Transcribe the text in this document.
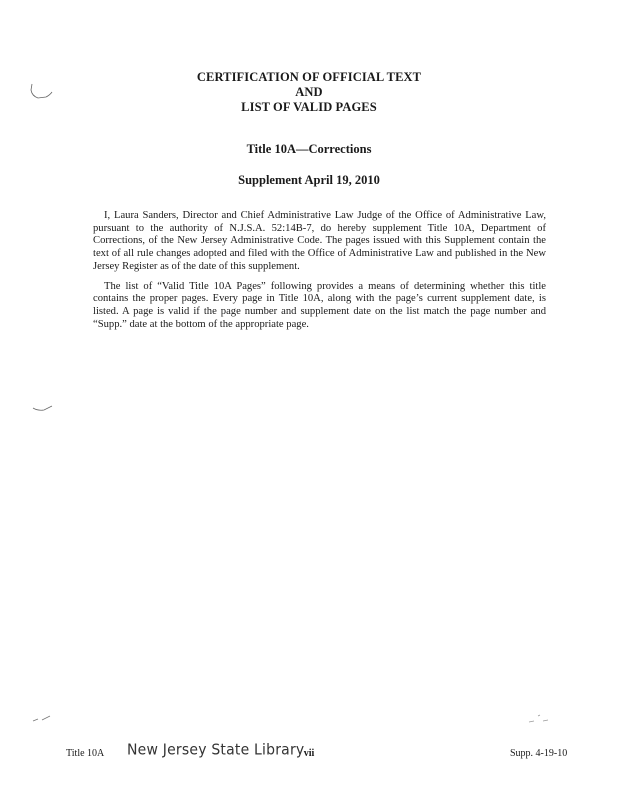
CERTIFICATION OF OFFICIAL TEXT
AND
LIST OF VALID PAGES
Title 10A—Corrections
Supplement April 19, 2010

I, Laura Sanders, Director and Chief Administrative Law Judge of the Office of Administrative Law, pursuant to the authority of N.J.S.A. 52:14B-7, do hereby supplement Title 10A, Department of Corrections, of the New Jersey Administrative Code. The pages issued with this Supplement contain the text of all rule changes adopted and filed with the Office of Administrative Law and published in the New Jersey Register as of the date of this supplement.

The list of “Valid Title 10A Pages” following provides a means of determining whether this title contains the proper pages. Every page in Title 10A, along with the page’s current supplement date, is listed. A page is valid if the page number and supplement date on the list match the page number and “Supp.” date at the bottom of the appropriate page.

Title 10A New Jersey State Library vii	Supp. 4-19-10
